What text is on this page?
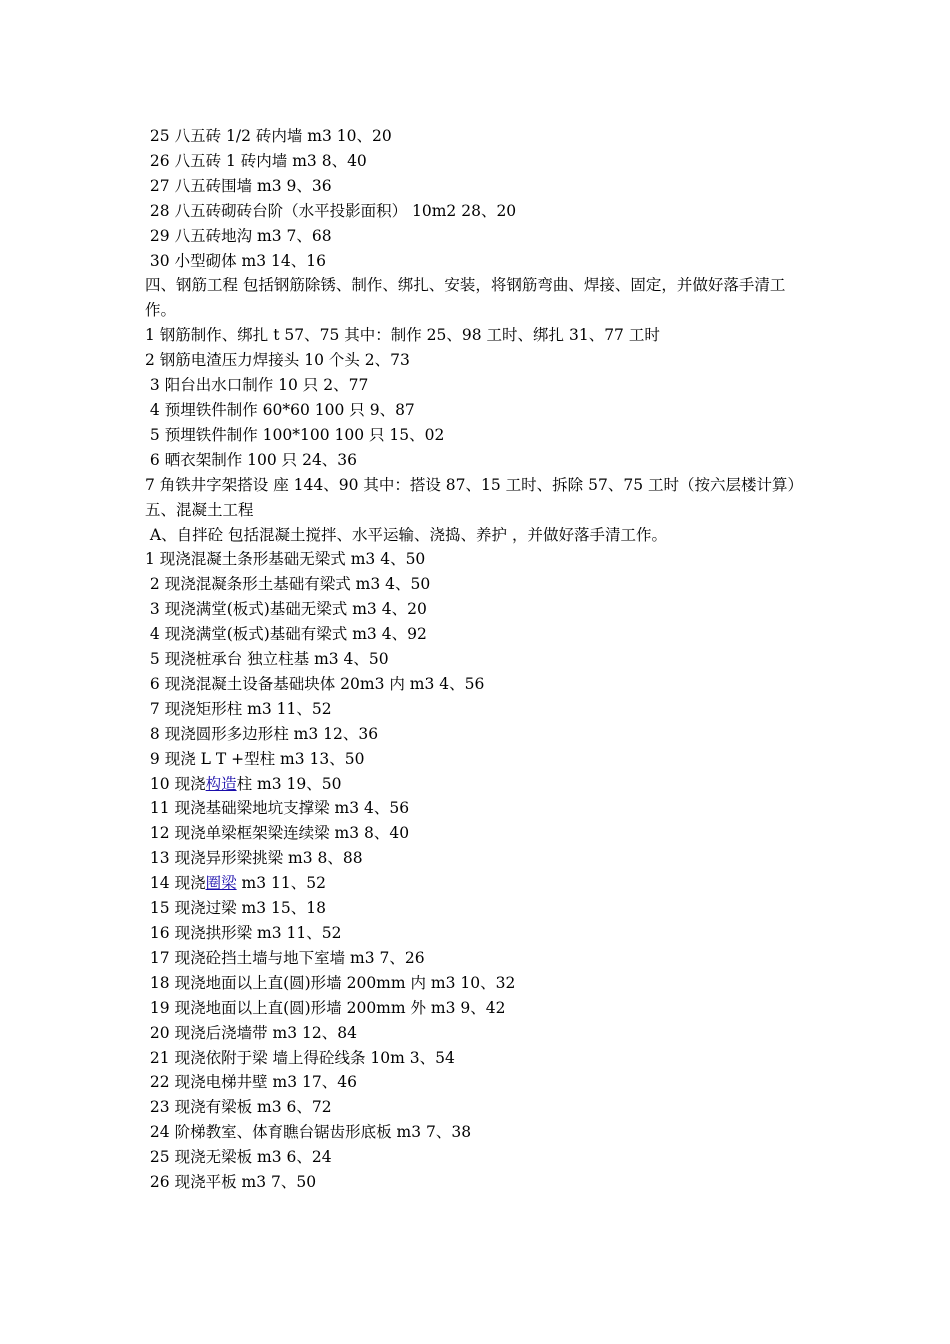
25 八五砖 1/2 砖内墙 m3 10、20
26 八五砖 1 砖内墙 m3 8、40
27 八五砖围墙 m3 9、36
28 八五砖砌砖台阶（水平投影面积） 10m2 28、20
29 八五砖地沟 m3 7、68
30 小型砌体 m3 14、16
四、钢筋工程 包括钢筋除锈、制作、绑扎、安装，将钢筋弯曲、焊接、固定，并做好落手清工作。
1 钢筋制作、绑扎 t 57、75 其中：制作 25、98 工时、绑扎 31、77 工时
2 钢筋电渣压力焊接头 10 个头 2、73
3 阳台出水口制作 10 只 2、77
4 预埋铁件制作 60*60 100 只 9、87
5 预埋铁件制作 100*100 100 只 15、02
6 晒衣架制作 100 只 24、36
7 角铁井字架搭设 座 144、90 其中：搭设 87、15 工时、拆除 57、75 工时（按六层楼计算）
五、混凝土工程
A、自拌砼 包括混凝土搅拌、水平运输、浇捣、养护 ，并做好落手清工作。
1 现浇混凝土条形基础无梁式 m3 4、50
2 现浇混凝条形土基础有梁式 m3 4、50
3 现浇满堂(板式)基础无梁式 m3 4、20
4 现浇满堂(板式)基础有梁式 m3 4、92
5 现浇桩承台 独立柱基 m3 4、50
6 现浇混凝土设备基础块体 20m3 内 m3 4、56
7 现浇矩形柱 m3 11、52
8 现浇圆形多边形柱 m3 12、36
9 现浇 L T +型柱 m3 13、50
10 现浇构造柱 m3 19、50
11 现浇基础梁地坑支撑梁 m3 4、56
12 现浇单梁框架梁连续梁 m3 8、40
13 现浇异形梁挑梁 m3 8、88
14 现浇圈梁 m3 11、52
15 现浇过梁 m3 15、18
16 现浇拱形梁 m3 11、52
17 现浇砼挡土墙与地下室墙 m3 7、26
18 现浇地面以上直(圆)形墙 200mm 内 m3 10、32
19 现浇地面以上直(圆)形墙 200mm 外 m3 9、42
20 现浇后浇墙带 m3 12、84
21 现浇依附于梁 墙上得砼线条 10m 3、54
22 现浇电梯井壁 m3 17、46
23 现浇有梁板 m3 6、72
24 阶梯教室、体育瞧台锯齿形底板 m3 7、38
25 现浇无梁板 m3 6、24
26 现浇平板 m3 7、50
